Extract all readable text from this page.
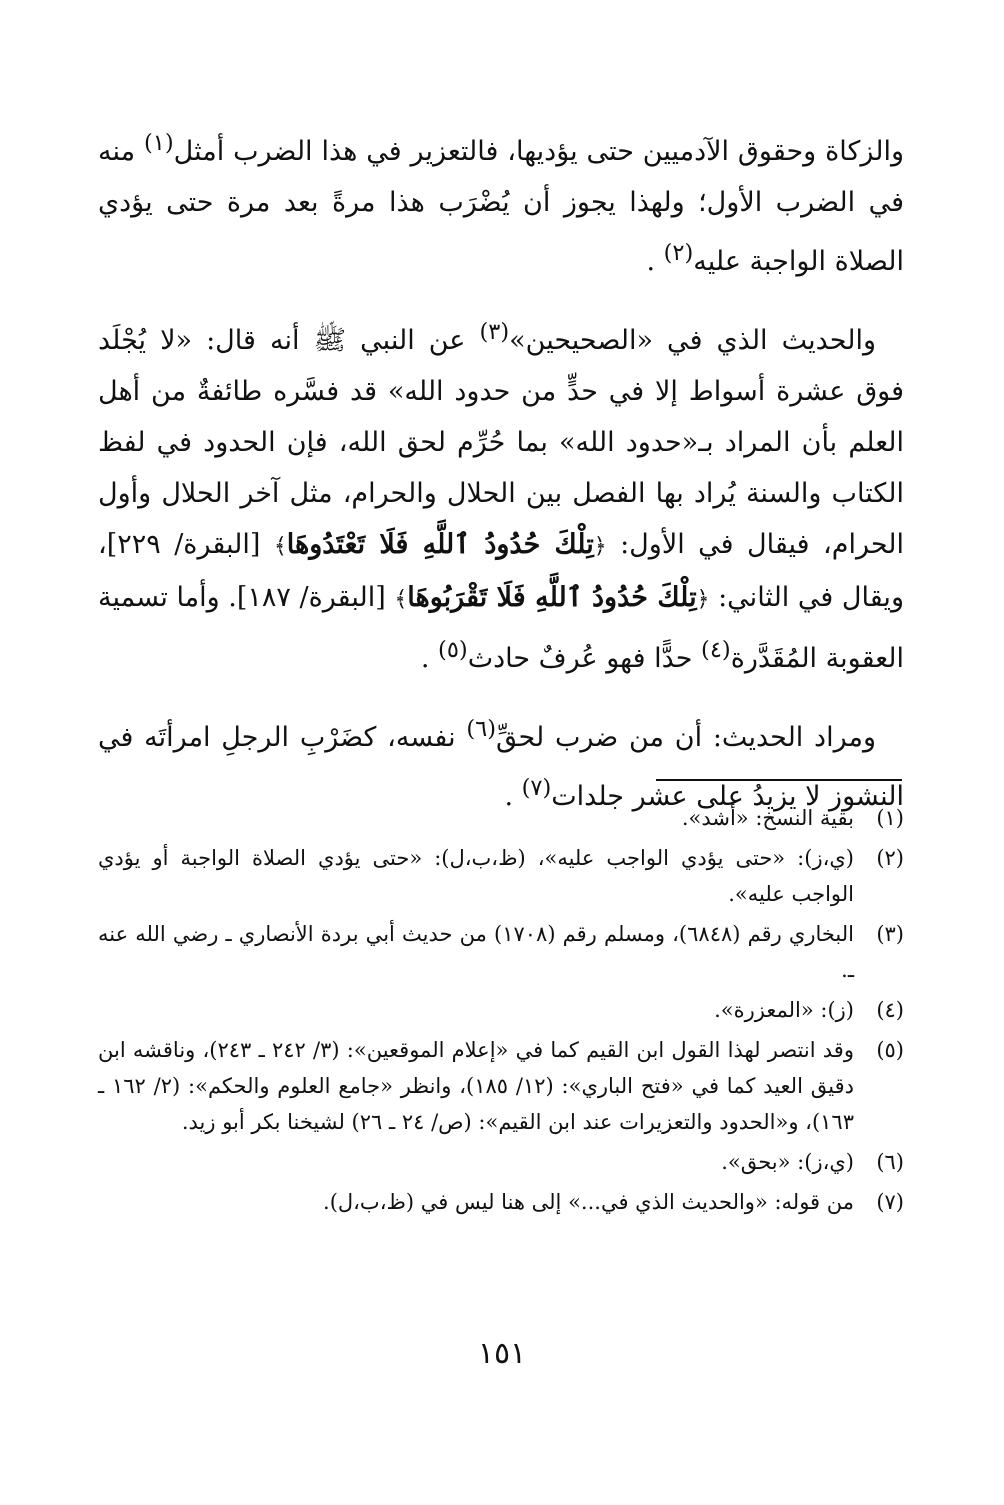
والزكاة وحقوق الآدميين حتى يؤديها، فالتعزير في هذا الضرب أمثل$^{(١)}$ منه في الضرب الأول؛ ولهذا يجوز أن يُضْرَب هذا مرةً بعد مرة حتى يؤدي الصلاة الواجبة عليه$^{(٢)}$ .

والحديث الذي في «الصحيحين»$^{(٣)}$ عن النبي ﷺ أنه قال: «لا يُجْلَد فوق عشرة أسواط إلا في حدٍّ من حدود الله» قد فسَّره طائفةٌ من أهل العلم بأن المراد بـ«حدود الله» بما حُرِّم لحق الله، فإن الحدود في لفظ الكتاب والسنة يُراد بها الفصل بين الحلال والحرام، مثل آخر الحلال وأول الحرام، فيقال في الأول: ﴿تِلْكَ حُدُودُ ٱللَّهِ فَلَا تَعْتَدُوهَا﴾ [البقرة/ ٢٢٩]، ويقال في الثاني: ﴿تِلْكَ حُدُودُ ٱللَّهِ فَلَا تَقْرَبُوهَا﴾ [البقرة/ ١٨٧]. وأما تسمية العقوبة المُقَدَّرة$^{(٤)}$ حدًّا فهو عُرفٌ حادث$^{(٥)}$ .

ومراد الحديث: أن من ضرب لحقِّ$^{(٦)}$ نفسه، كضَرْبِ الرجلِ امرأتَه في النشوز لا يزيدُ على عشر جلدات$^{(٧)}$ .

(١)
بقية النسخ: «أشد».
(٢)
(ي،ز): «حتى يؤدي الواجب عليه»، (ظ،ب،ل): «حتى يؤدي الصلاة الواجبة أو يؤدي الواجب عليه».
(٣)
البخاري رقم (٦٨٤٨)، ومسلم رقم (١٧٠٨) من حديث أبي بردة الأنصاري ـ رضي الله عنه ـ.
(٤)
(ز): «المعزرة».
(٥)
وقد انتصر لهذا القول ابن القيم كما في «إعلام الموقعين»: (٣/ ٢٤٢ ـ ٢٤٣)، وناقشه ابن دقيق العيد كما في «فتح الباري»: (١٢/ ١٨٥)، وانظر «جامع العلوم والحكم»: (٢/ ١٦٢ ـ ١٦٣)، و«الحدود والتعزيرات عند ابن القيم»: (ص/ ٢٤ ـ ٢٦) لشيخنا بكر أبو زيد.
(٦)
(ي،ز): «بحق».
(٧)
من قوله: «والحديث الذي في...» إلى هنا ليس في (ظ،ب،ل).
١٥١
